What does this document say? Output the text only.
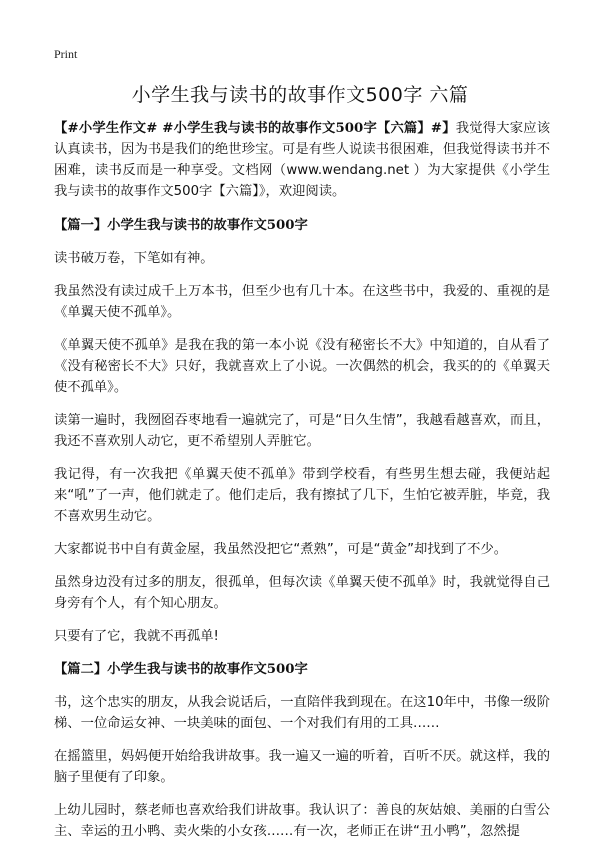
Print
小学生我与读书的故事作文500字 六篇

【#小学生作文# #小学生我与读书的故事作文500字【六篇】#】我觉得大家应该认真读书，因为书是我们的绝世珍宝。可是有些人说读书很困难，但我觉得读书并不困难，读书反而是一种享受。文档网（www.wendang.net ）为大家提供《小学生我与读书的故事作文500字【六篇】》，欢迎阅读。

【篇一】小学生我与读书的故事作文500字

读书破万卷，下笔如有神。

我虽然没有读过成千上万本书，但至少也有几十本。在这些书中，我爱的、重视的是《单翼天使不孤单》。

《单翼天使不孤单》是我在我的第一本小说《没有秘密长不大》中知道的，自从看了《没有秘密长不大》只好，我就喜欢上了小说。一次偶然的机会，我买的的《单翼天使不孤单》。

读第一遍时，我囫囵吞枣地看一遍就完了，可是“日久生情”，我越看越喜欢，而且，我还不喜欢别人动它，更不希望别人弄脏它。

我记得，有一次我把《单翼天使不孤单》带到学校看，有些男生想去碰，我便站起来“吼”了一声，他们就走了。他们走后，我有擦拭了几下，生怕它被弄脏，毕竟，我不喜欢男生动它。

大家都说书中自有黄金屋，我虽然没把它“煮熟”，可是“黄金”却找到了不少。

虽然身边没有过多的朋友，很孤单，但每次读《单翼天使不孤单》时，我就觉得自己身旁有个人，有个知心朋友。

只要有了它，我就不再孤单!

【篇二】小学生我与读书的故事作文500字

书，这个忠实的朋友，从我会说话后，一直陪伴我到现在。在这10年中，书像一级阶梯、一位命运女神、一块美味的面包、一个对我们有用的工具……

在摇篮里，妈妈便开始给我讲故事。我一遍又一遍的听着，百听不厌。就这样，我的脑子里便有了印象。

上幼儿园时，蔡老师也喜欢给我们讲故事。我认识了：善良的灰姑娘、美丽的白雪公主、幸运的丑小鸭、卖火柴的小女孩……有一次，老师正在讲“丑小鸭”，忽然提
